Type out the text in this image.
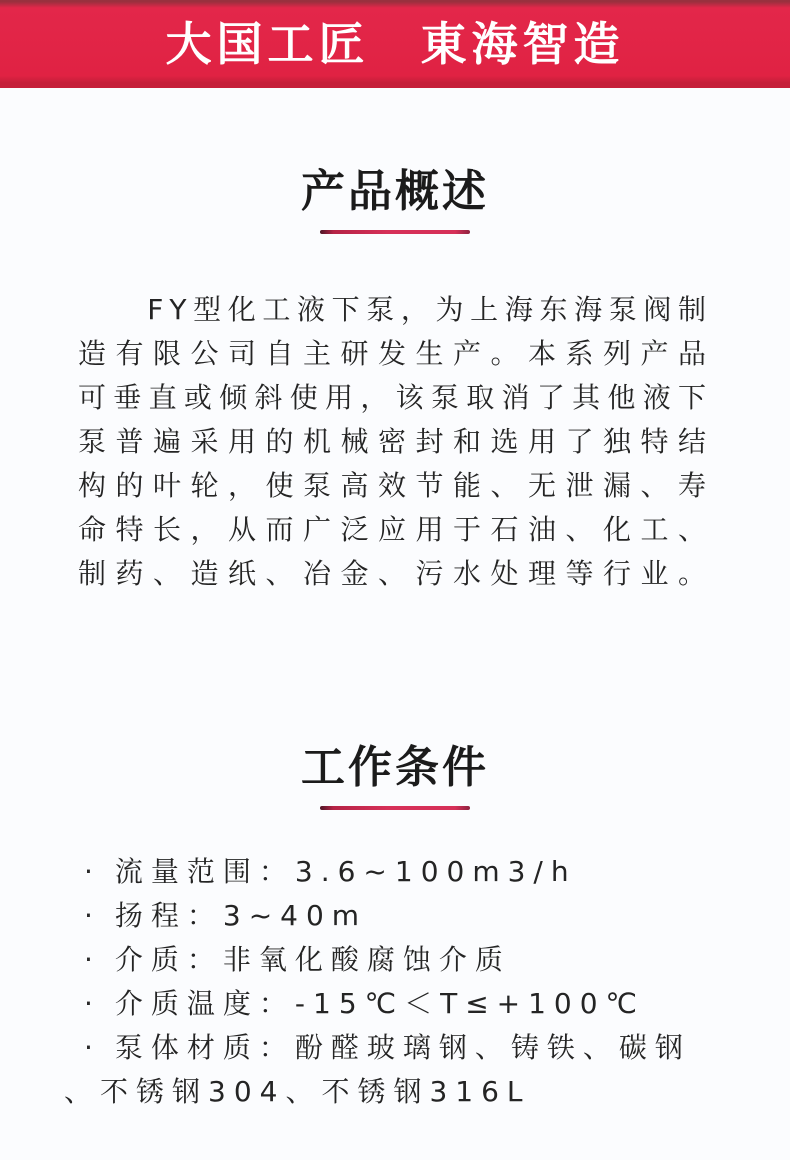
大国工匠　東海智造
产品概述
　　FY型化工液下泵，为上海东海泵阀制
造有限公司自主研发生产。本系列产品
可垂直或倾斜使用，该泵取消了其他液下
泵普遍采用的机械密封和选用了独特结
构的叶轮，使泵高效节能、无泄漏、寿
命特长，从而广泛应用于石油、化工、
制药、造纸、冶金、污水处理等行业。
工作条件
· 流量范围：3.6~100m3/h
· 扬程：3~40m
· 介质：非氧化酸腐蚀介质
· 介质温度：-15℃＜T≤+100℃
· 泵体材质：酚醛玻璃钢、铸铁、碳钢、不锈钢304、不锈钢316L
